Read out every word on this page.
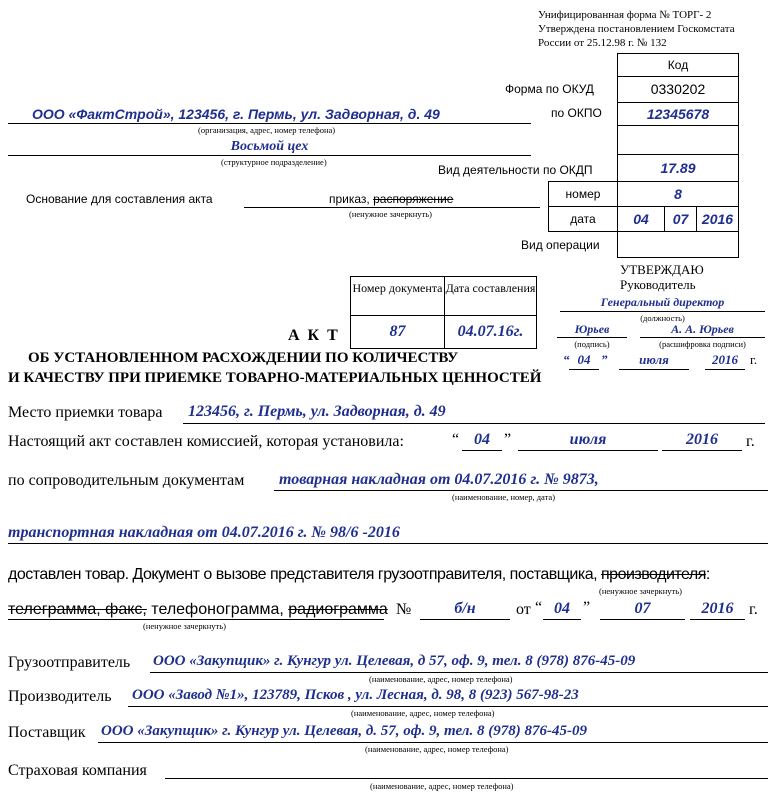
Унифицированная форма № ТОРГ- 2
Утверждена постановлением Госкомстата
России от 25.12.98 г. № 132
Код
Форма по ОКУД	0330202
по ОКПО	12345678
Вид деятельности по ОКДП	17.89
номер	8
дата	04	07 2016
Вид операции
ООО «ФактСтрой», 123456, г. Пермь, ул. Задворная, д. 49
(организация, адрес, номер телефона)
Восьмой цех
(структурное подразделение)
Основание для составления акта	приказ, распоряжение
(ненужное зачеркнуть)
Номер документа Дата составления
87	04.07.16г.
УТВЕРЖДАЮ
Руководитель
Генеральный директор
(должность)
Юрьев
(подпись)
А. А. Юрьев
(расшифровка подписи)
“ 04 ”	июля	2016 г.
А К Т
ОБ УСТАНОВЛЕННОМ РАСХОЖДЕНИИ ПО КОЛИЧЕСТВУ
И КАЧЕСТВУ ПРИ ПРИЕМКЕ ТОВАРНО-МАТЕРИАЛЬНЫХ ЦЕННОСТЕЙ
Место приемки товара 123456, г. Пермь, ул. Задворная, д. 49
Настоящий акт составлен комиссией, которая установила:	“ 04 ”	июля	2016	г.
по сопроводительным документам товарная накладная от 04.07.2016 г. № 9873,
(наименование, номер, дата)
транспортная накладная от 04.07.2016 г. № 98/6 -2016
доставлен товар. Документ о вызове представителя грузоотправителя, поставщика, производителя:
(ненужное зачеркнуть)
телеграмма, факс, телефонограмма, радиограмма
(ненужное зачеркнуть)
№	б/н	от “ 04 ”	07	2016 г.
Грузоотправитель ООО «Закупщик» г. Кунгур ул. Целевая, д 57, оф. 9, тел. 8 (978) 876-45-09
(наименование, адрес, номер телефона)
Производитель ООО «Завод №1», 123789, Псков , ул. Лесная, д. 98, 8 (923) 567-98-23
(наименование, адрес, номер телефона)
Поставщик ООО «Закупщик» г. Кунгур ул. Целевая, д. 57, оф. 9, тел. 8 (978) 876-45-09
(наименование, адрес, номер телефона)
Страховая компания
(наименование, адрес, номер телефона)
